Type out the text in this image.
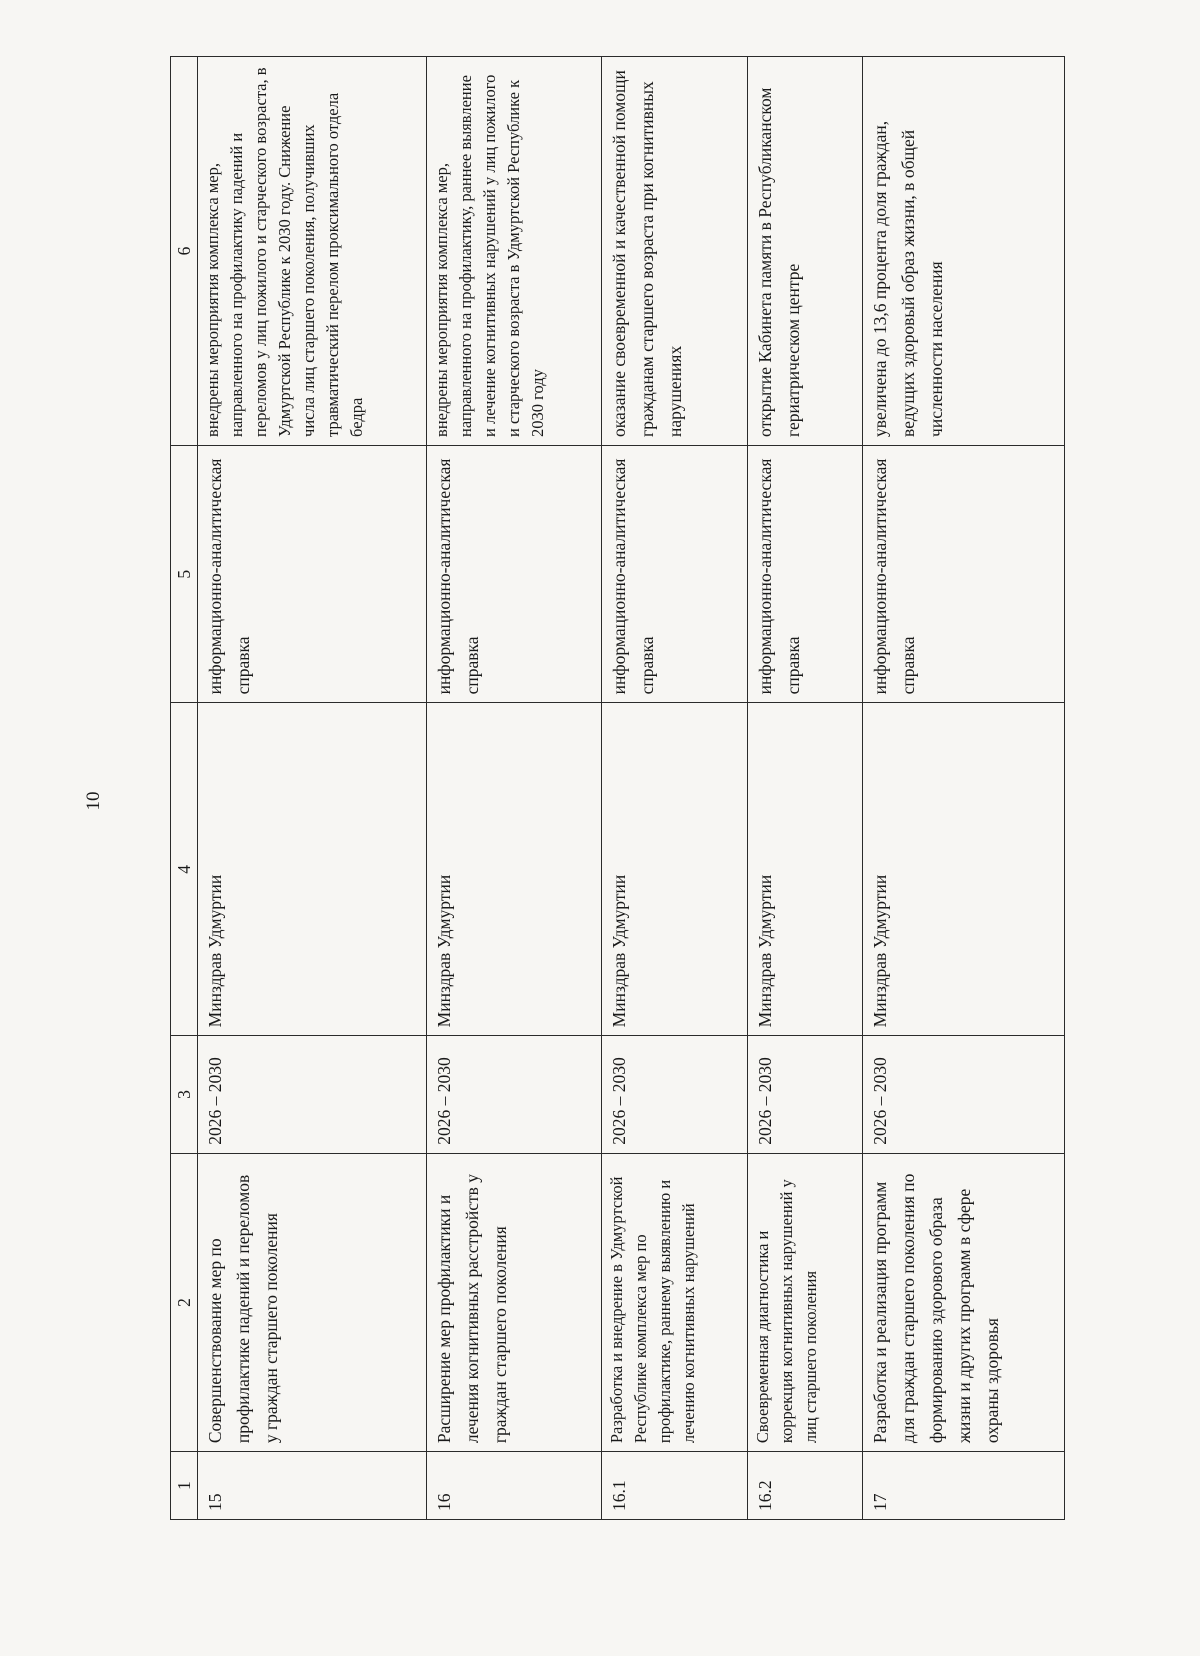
10
1	2	3	4	5	6
15	Совершенствование мер по профилактике падений и переломов у граждан старшего поколения	2026 – 2030	Минздрав Удмуртии	информационно-аналитическая справка	внедрены мероприятия комплекса мер, направленного на профилактику падений и переломов у лиц пожилого и старческого возраста, в Удмуртской Республике к 2030 году. Снижение числа лиц старшего поколения, получивших травматический перелом проксимального отдела бедра
16	Расширение мер профилактики и лечения когнитивных расстройств у граждан старшего поколения	2026 – 2030	Минздрав Удмуртии	информационно-аналитическая справка	внедрены мероприятия комплекса мер, направленного на профилактику, раннее выявление и лечение когнитивных нарушений у лиц пожилого и старческого возраста в Удмуртской Республике к 2030 году
16.1	Разработка и внедрение в Удмуртской Республике комплекса мер по профилактике, раннему выявлению и лечению когнитивных нарушений	2026 – 2030	Минздрав Удмуртии	информационно-аналитическая справка	оказание своевременной и качественной помощи гражданам старшего возраста при когнитивных нарушениях
16.2	Своевременная диагностика и коррекция когнитивных нарушений у лиц старшего поколения	2026 – 2030	Минздрав Удмуртии	информационно-аналитическая справка	открытие Кабинета памяти в Республиканском гериатрическом центре
17	Разработка и реализация программ для граждан старшего поколения по формированию здорового образа жизни и других программ в сфере охраны здоровья	2026 – 2030	Минздрав Удмуртии	информационно-аналитическая справка	увеличена до 13,6 процента доля граждан, ведущих здоровый образ жизни, в общей численности населения
